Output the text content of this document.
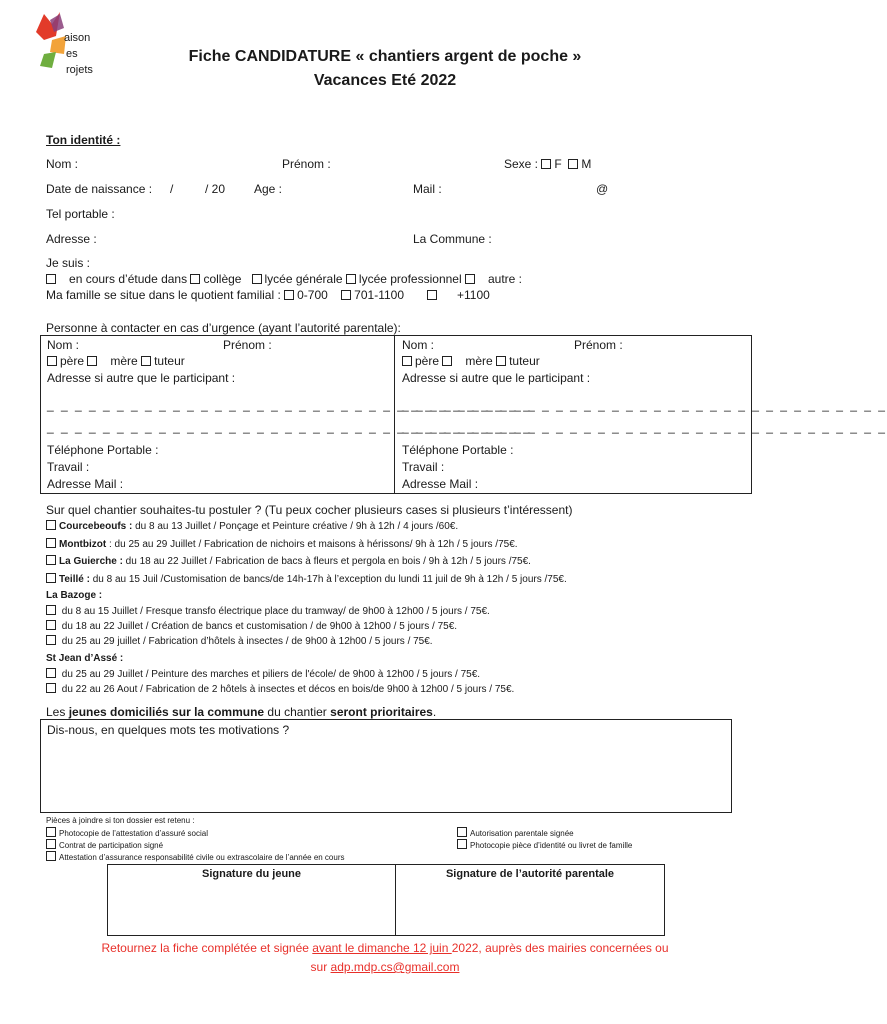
aison
es
rojets
Fiche CANDIDATURE « chantiers argent de poche »
Vacances Eté 2022
Ton identité :
Nom :	Prénom :	Sexe : F M
Date de naissance : /	/ 20 Age :	Mail :	@
Tel portable :
Adresse :	La Commune :
Je suis :
en cours d’étude dans collège lycée générale lycée professionnel autre :
Ma famille se situe dans le quotient familial : 0-700 701-1100	+1100
Personne à contacter en cas d’urgence (ayant l’autorité parentale):
Nom :	Prénom :
père mère tuteur
Adresse si autre que le participant :
_ _ _ _ _ _ _ _ _ _ _ _ _ _ _ _ _ _ _ _ _ _ _ _ _ _ _ _ _ _ _ _ _ _ _
_ _ _ _ _ _ _ _ _ _ _ _ _ _ _ _ _ _ _ _ _ _ _ _ _ _ _ _ _ _ _ _ _ _ _
Téléphone Portable :
Travail :
Adresse Mail :
Nom :	Prénom :
père mère tuteur
Adresse si autre que le participant :
_ _ _ _ _ _ _ _ _ _ _ _ _ _ _ _ _ _ _ _ _ _ _ _ _ _ _ _ _ _ _ _ _ _ _
_ _ _ _ _ _ _ _ _ _ _ _ _ _ _ _ _ _ _ _ _ _ _ _ _ _ _ _ _ _ _ _ _ _ _
Téléphone Portable :
Travail :
Adresse Mail :
Sur quel chantier souhaites-tu postuler ? (Tu peux cocher plusieurs cases si plusieurs t’intéressent)
Courcebeoufs : du 8 au 13 Juillet / Ponçage et Peinture créative / 9h à 12h / 4 jours /60€.
Montbizot : du 25 au 29 Juillet / Fabrication de nichoirs et maisons à hérissons/ 9h à 12h / 5 jours /75€.
La Guierche : du 18 au 22 Juillet / Fabrication de bacs à fleurs et pergola en bois / 9h à 12h / 5 jours /75€.
Teillé : du 8 au 15 Juil /Customisation de bancs/de 14h-17h à l’exception du lundi 11 juil de 9h à 12h / 5 jours /75€.
La Bazoge :
du 8 au 15 Juillet / Fresque transfo électrique place du tramway/ de 9h00 à 12h00 / 5 jours / 75€.
du 18 au 22 Juillet / Création de bancs et customisation / de 9h00 à 12h00 / 5 jours / 75€.
du 25 au 29 juillet / Fabrication d’hôtels à insectes / de 9h00 à 12h00 / 5 jours / 75€.
St Jean d’Assé :
du 25 au 29 Juillet / Peinture des marches et piliers de l'école/ de 9h00 à 12h00 / 5 jours / 75€.
du 22 au 26 Aout / Fabrication de 2 hôtels à insectes et décos en bois/de 9h00 à 12h00 / 5 jours / 75€.
Les jeunes domiciliés sur la commune du chantier seront prioritaires.
Dis-nous, en quelques mots tes motivations ?
Pièces à joindre si ton dossier est retenu :
Photocopie de l’attestation d’assuré social
Contrat de participation signé
Attestation d’assurance responsabilité civile ou extrascolaire de l’année en cours
Autorisation parentale signée
Photocopie pièce d’identité ou livret de famille
Signature du jeune	Signature de l’autorité parentale
Retournez la fiche complétée et signée avant le dimanche 12 juin 2022, auprès des mairies concernées ou
sur adp.mdp.cs@gmail.com
